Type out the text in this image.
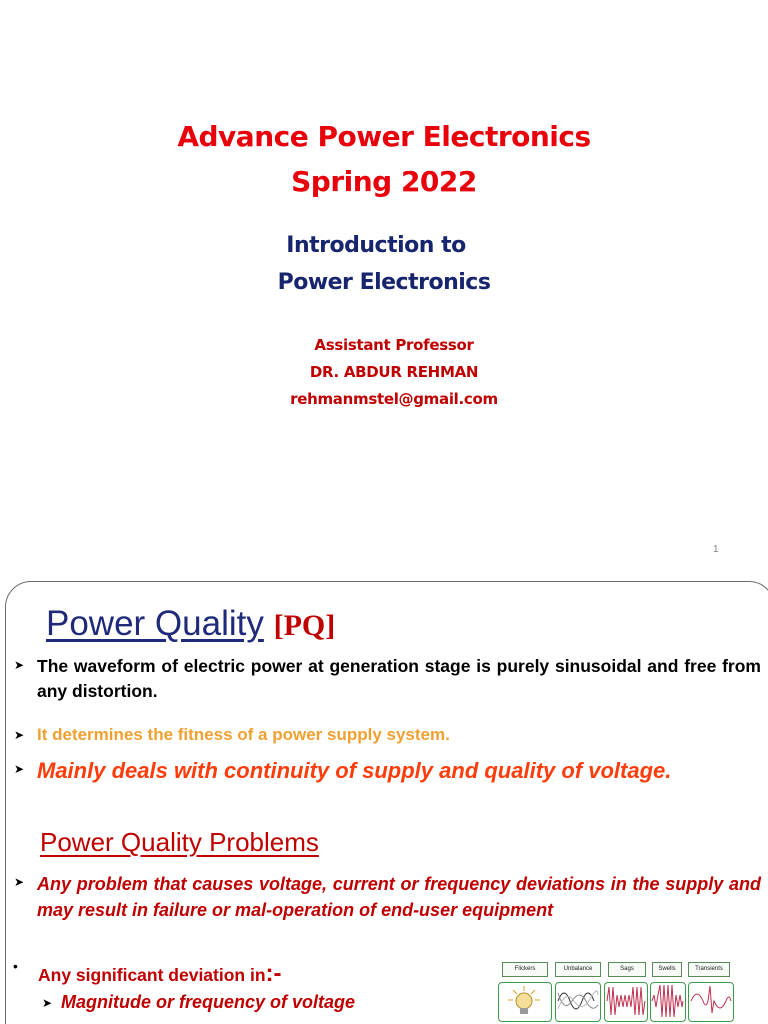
Advance Power Electronics
Spring 2022
Introduction to
Power Electronics
Assistant Professor
DR. ABDUR REHMAN
rehmanmstel@gmail.com
1
Power Quality [PQ]
➤ The waveform of electric power at generation stage is purely sinusoidal and free from any distortion.
➤ It determines the fitness of a power supply system.
➤ Mainly deals with continuity of supply and quality of voltage.
Power Quality Problems
➤ Any problem that causes voltage, current or frequency deviations in the supply and may result in failure or mal-operation of end-user equipment
• Any significant deviation in:-
➤ Magnitude or frequency of voltage
Flickers	Unbalance	Sags	Swells	Transients
